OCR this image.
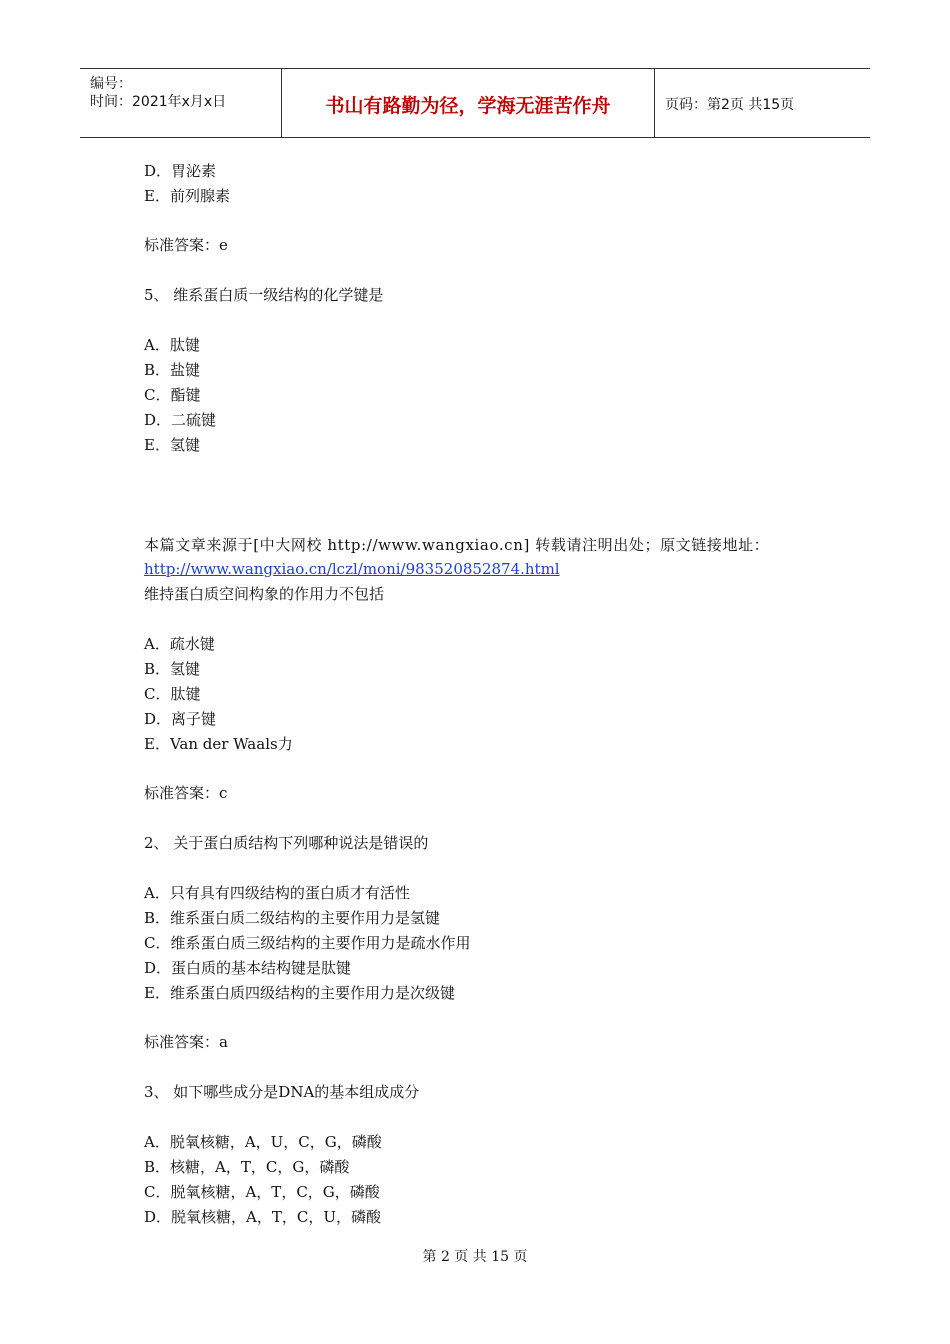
编号：
时间：2021年x月x日	书山有路勤为径，学海无涯苦作舟	页码：第2页 共15页
D．胃泌素
E．前列腺素
标准答案：e
5、 维系蛋白质一级结构的化学键是
A．肽键
B．盐键
C．酯键
D．二硫键
E．氢键
本篇文章来源于[中大网校 http://www.wangxiao.cn] 转载请注明出处；原文链接地址：
http://www.wangxiao.cn/lczl/moni/983520852874.html
维持蛋白质空间构象的作用力不包括
A．疏水键
B．氢键
C．肽键
D．离子键
E．Van der Waals力
标准答案：c
2、 关于蛋白质结构下列哪种说法是错误的
A．只有具有四级结构的蛋白质才有活性
B．维系蛋白质二级结构的主要作用力是氢键
C．维系蛋白质三级结构的主要作用力是疏水作用
D．蛋白质的基本结构键是肽键
E．维系蛋白质四级结构的主要作用力是次级键
标准答案：a
3、 如下哪些成分是DNA的基本组成成分
A．脱氧核糖，A，U，C，G，磷酸
B．核糖，A，T，C，G，磷酸
C．脱氧核糖，A，T，C，G，磷酸
D．脱氧核糖，A，T，C，U，磷酸
第 2 页 共 15 页
